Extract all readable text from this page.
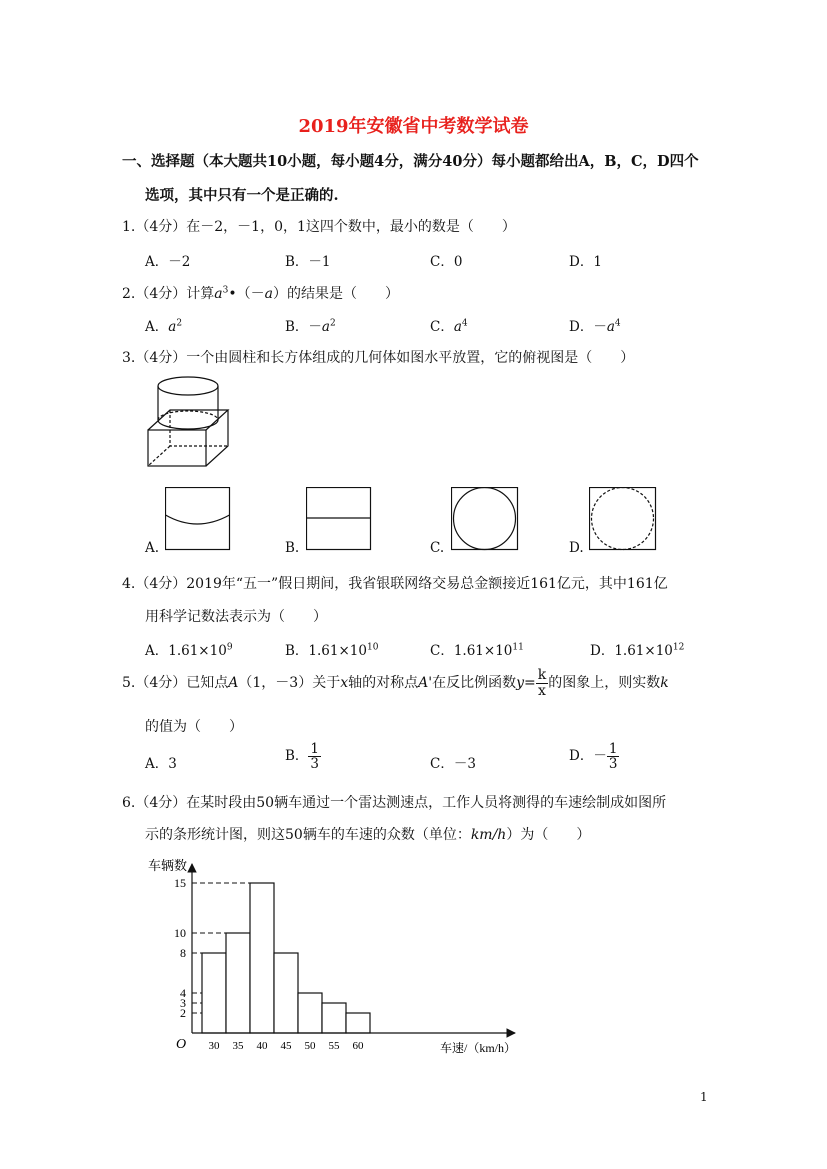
2019年安徽省中考数学试卷
一、选择题（本大题共10小题，每小题4分，满分40分）每小题都给出A，B，C，D四个
选项，其中只有一个是正确的.
1.（4分）在－2，－1，0，1这四个数中，最小的数是（　　）
A．－2	B．－1	C．0	D．1
2.（4分）计算$a^3•(-a)$的结果是（　　）
A．$a^2$	B．$-a^2$	C．$a^4$	D．$-a^4$
3.（4分）一个由圆柱和长方体组成的几何体如图水平放置，它的俯视图是（　　）
A.	B.	C.	D.
4.（4分）2019年“五一”假日期间，我省银联网络交易总金额接近161亿元，其中161亿
用科学记数法表示为（　　）
A．$1.61\times 10^9$	B．$1.61\times 10^{10}$	C．$1.61\times 10^{11}$	D．$1.61\times 10^{12}$
5.（4分）已知点A（1，－3）关于x轴的对称点A'在反比例函数$y= \frac{k}{x}$ 的图象上，则实数k
的值为（　　）
A．3	B． $\frac{1}{3}$	C．－3	D．－ $\frac{1}{3}$
6.（4分）在某时段由50辆车通过一个雷达测速点，工作人员将测得的车速绘制成如图所
示的条形统计图，则这50辆车的车速的众数（单位：km/h）为（　　）
2
3
4
8
10
15
30 35 40 45 50 55 60
车辆数
车速/（km/h）
O
1
